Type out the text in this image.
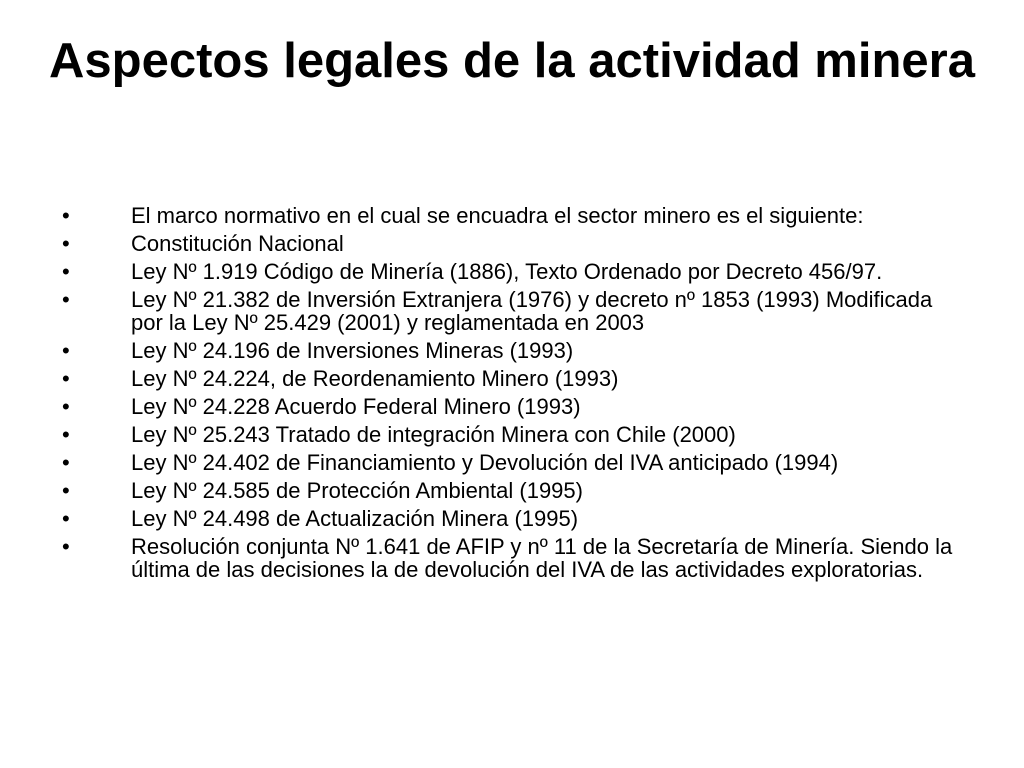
Aspectos legales de la actividad minera
•	El marco normativo en el cual se encuadra el sector minero es el siguiente:
•	Constitución Nacional
•	Ley Nº 1.919 Código de Minería (1886), Texto Ordenado por Decreto 456/97.
•	Ley Nº 21.382 de Inversión Extranjera (1976) y decreto nº 1853 (1993) Modificada por la Ley Nº 25.429 (2001) y reglamentada en 2003
•	Ley Nº 24.196 de Inversiones Mineras (1993)
•	Ley Nº 24.224, de Reordenamiento Minero (1993)
•	Ley Nº 24.228 Acuerdo Federal Minero (1993)
•	Ley Nº 25.243 Tratado de integración Minera con Chile (2000)
•	Ley Nº 24.402 de Financiamiento y Devolución del IVA anticipado (1994)
•	Ley Nº 24.585 de Protección Ambiental (1995)
•	Ley Nº 24.498 de Actualización Minera (1995)
•	Resolución conjunta Nº 1.641 de AFIP y nº 11 de la Secretaría de Minería. Siendo la última de las decisiones la de devolución del IVA de las actividades exploratorias.
